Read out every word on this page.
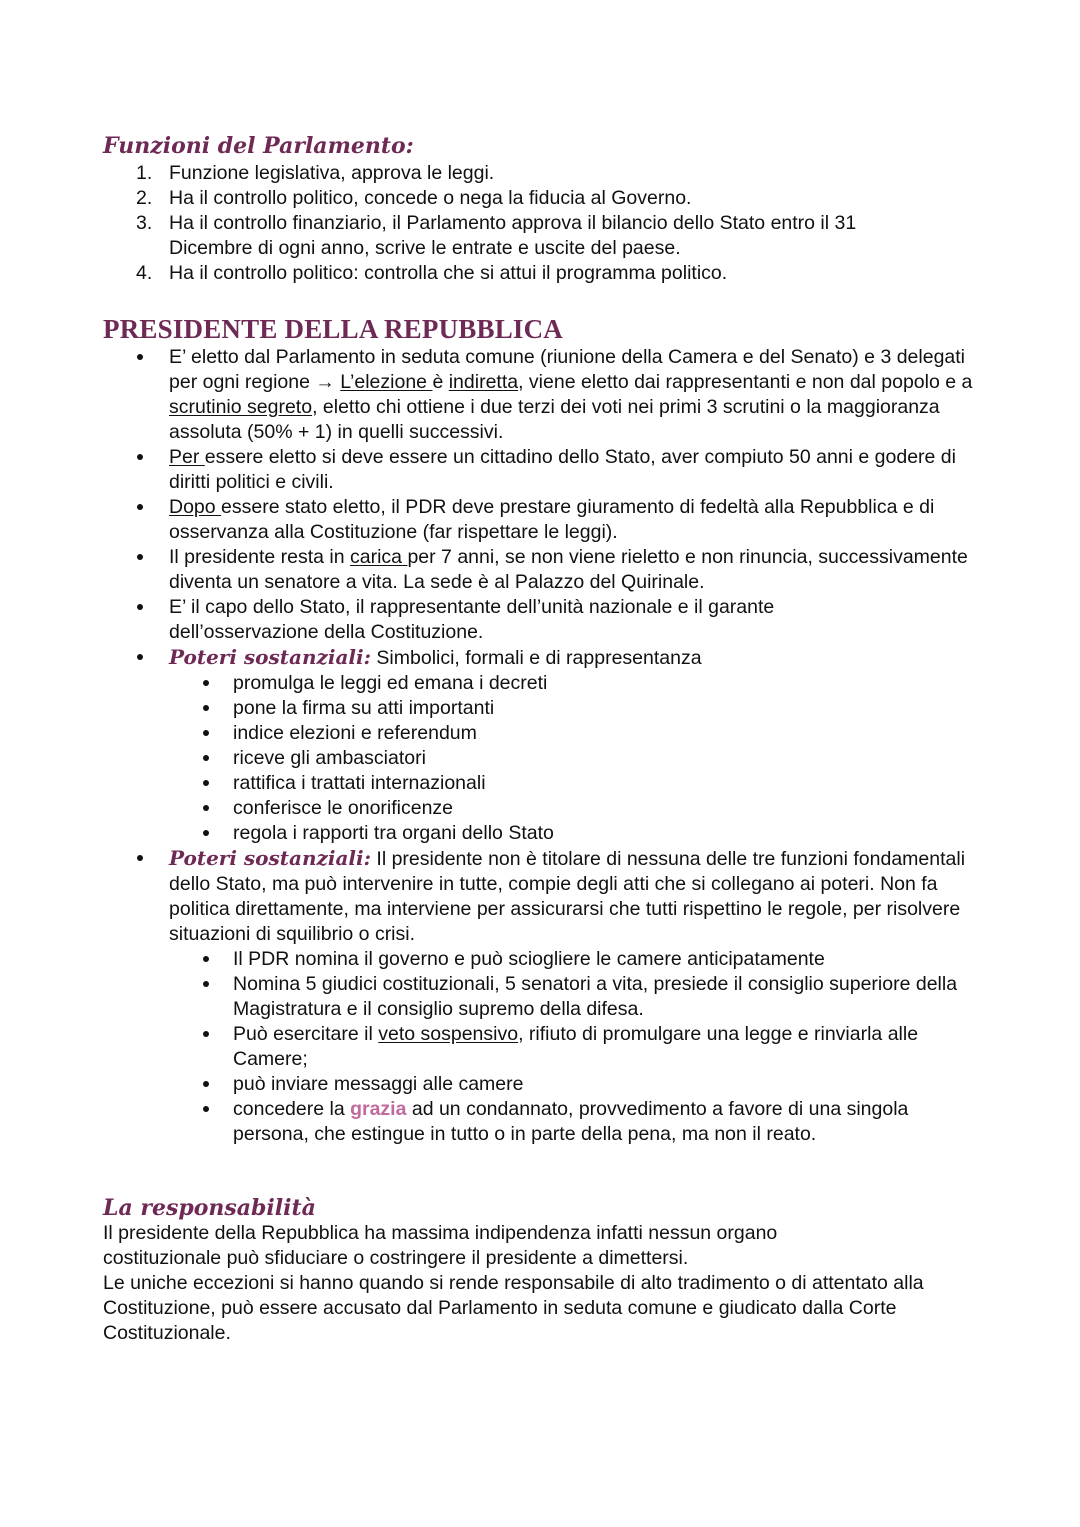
Funzioni del Parlamento:
1. Funzione legislativa, approva le leggi.
2. Ha il controllo politico, concede o nega la fiducia al Governo.
3. Ha il controllo finanziario, il Parlamento approva il bilancio dello Stato entro il 31 Dicembre di ogni anno, scrive le entrate e uscite del paese.
4. Ha il controllo politico: controlla che si attui il programma politico.
PRESIDENTE DELLA REPUBBLICA
E’ eletto dal Parlamento in seduta comune (riunione della Camera e del Senato) e 3 delegati per ogni regione → L’elezione è indiretta, viene eletto dai rappresentanti e non dal popolo e a scrutinio segreto, eletto chi ottiene i due terzi dei voti nei primi 3 scrutini o la maggioranza assoluta (50% + 1) in quelli successivi.
Per essere eletto si deve essere un cittadino dello Stato, aver compiuto 50 anni e godere di diritti politici e civili.
Dopo essere stato eletto, il PDR deve prestare giuramento di fedeltà alla Repubblica e di osservanza alla Costituzione (far rispettare le leggi).
Il presidente resta in carica per 7 anni, se non viene rieletto e non rinuncia, successivamente diventa un senatore a vita. La sede è al Palazzo del Quirinale.
E’ il capo dello Stato, il rappresentante dell’unità nazionale e il garante dell’osservazione della Costituzione.
Poteri sostanziali: Simbolici, formali e di rappresentanza
promulga le leggi ed emana i decreti
pone la firma su atti importanti
indice elezioni e referendum
riceve gli ambasciatori
rattifica i trattati internazionali
conferisce le onorificenze
regola i rapporti tra organi dello Stato
Poteri sostanziali: Il presidente non è titolare di nessuna delle tre funzioni fondamentali dello Stato, ma può intervenire in tutte, compie degli atti che si collegano ai poteri. Non fa politica direttamente, ma interviene per assicurarsi che tutti rispettino le regole, per risolvere situazioni di squilibrio o crisi.
Il PDR nomina il governo e può sciogliere le camere anticipatamente
Nomina 5 giudici costituzionali, 5 senatori a vita, presiede il consiglio superiore della Magistratura e il consiglio supremo della difesa.
Può esercitare il veto sospensivo, rifiuto di promulgare una legge e rinviarla alle Camere;
può inviare messaggi alle camere
concedere la grazia ad un condannato, provvedimento a favore di una singola persona, che estingue in tutto o in parte della pena, ma non il reato.
La responsabilità

Il presidente della Repubblica ha massima indipendenza infatti nessun organo costituzionale può sfiduciare o costringere il presidente a dimettersi.

Le uniche eccezioni si hanno quando si rende responsabile di alto tradimento o di attentato alla Costituzione, può essere accusato dal Parlamento in seduta comune e giudicato dalla Corte Costituzionale.
